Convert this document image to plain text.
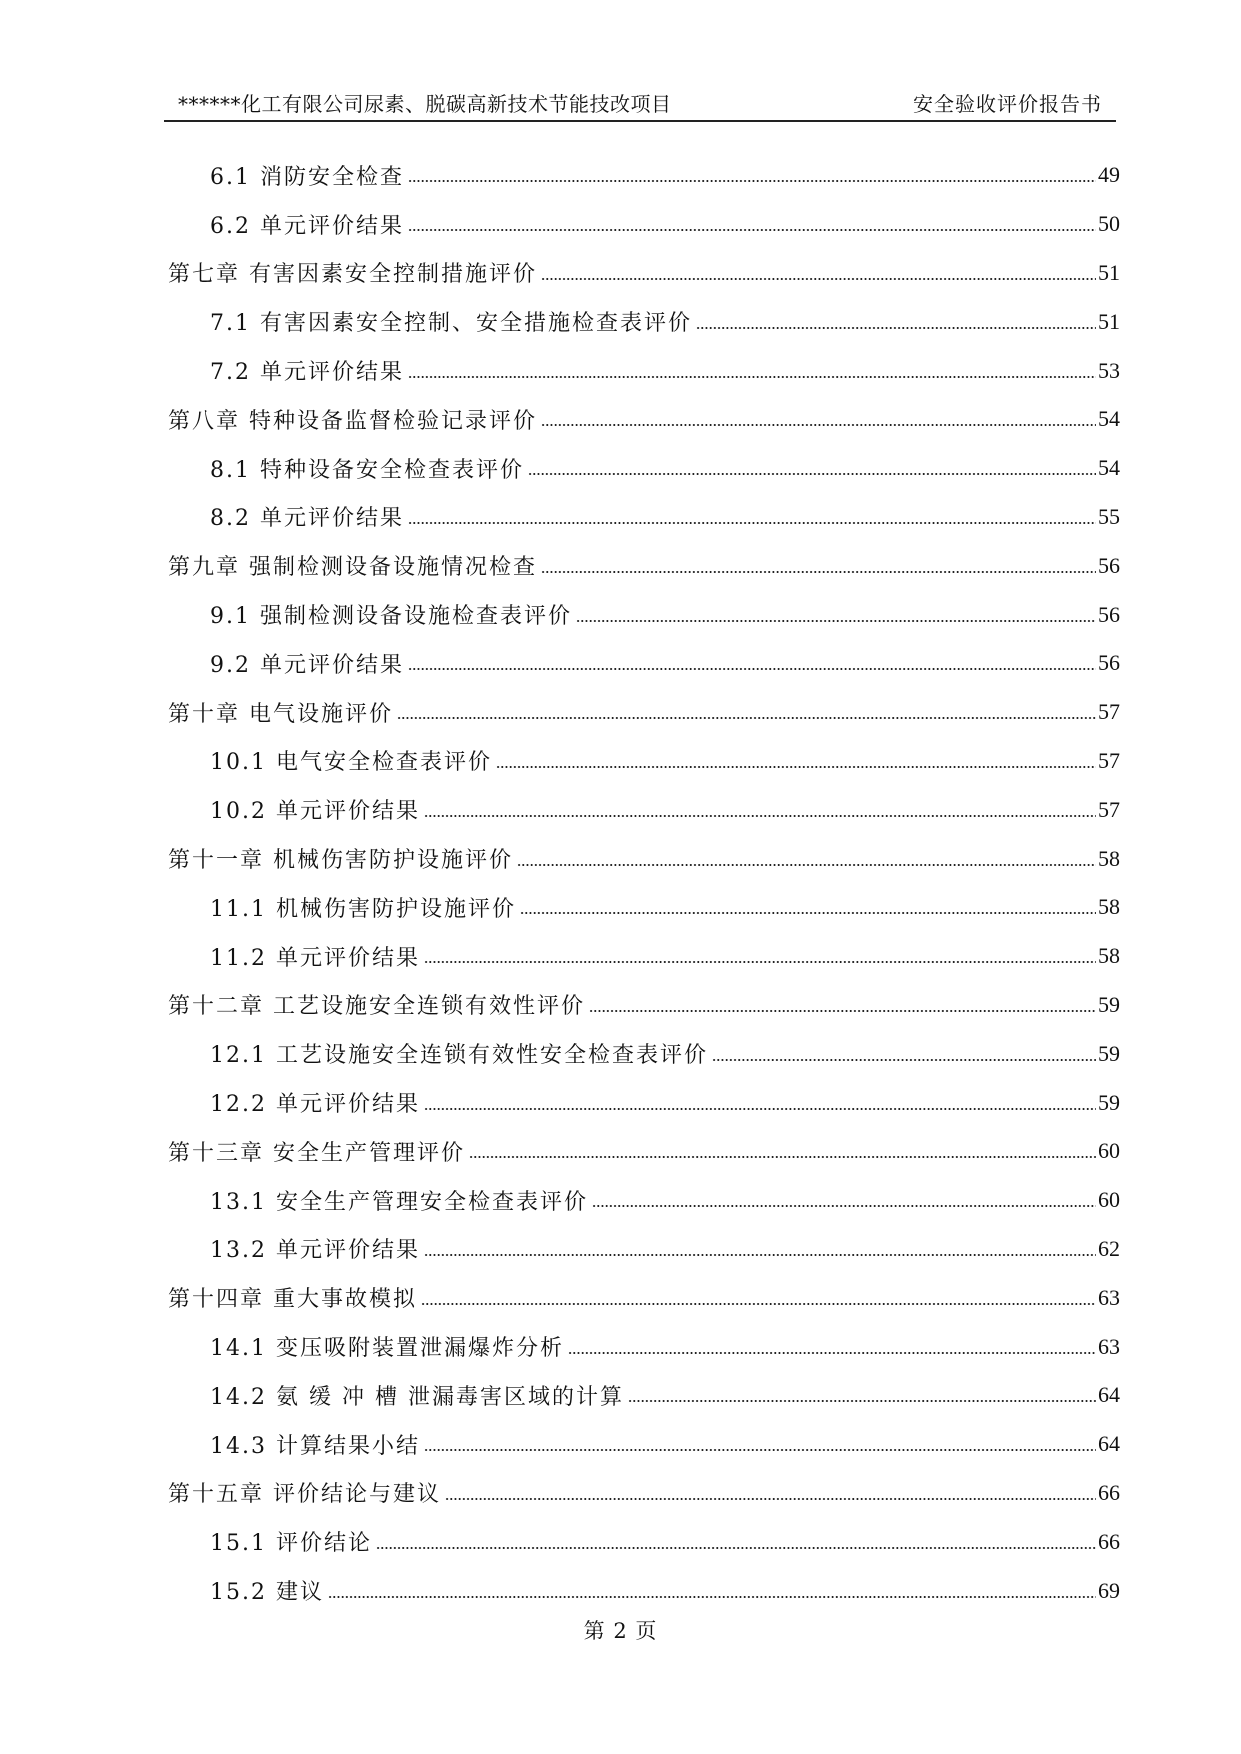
******化工有限公司尿素、脱碳高新技术节能技改项目	安全验收评价报告书
6.1 消防安全检查	49
6.2 单元评价结果	50
第七章 有害因素安全控制措施评价	51
7.1 有害因素安全控制、安全措施检查表评价	51
7.2 单元评价结果	53
第八章 特种设备监督检验记录评价	54
8.1 特种设备安全检查表评价	54
8.2 单元评价结果	55
第九章 强制检测设备设施情况检查	56
9.1 强制检测设备设施检查表评价	56
9.2 单元评价结果	56
第十章 电气设施评价	57
10.1 电气安全检查表评价	57
10.2 单元评价结果	57
第十一章 机械伤害防护设施评价	58
11.1 机械伤害防护设施评价	58
11.2 单元评价结果	58
第十二章 工艺设施安全连锁有效性评价	59
12.1 工艺设施安全连锁有效性安全检查表评价	59
12.2 单元评价结果	59
第十三章 安全生产管理评价	60
13.1 安全生产管理安全检查表评价	60
13.2 单元评价结果	62
第十四章 重大事故模拟	63
14.1 变压吸附装置泄漏爆炸分析	63
14.2 氨 缓 冲 槽 泄漏毒害区域的计算	64
14.3 计算结果小结	64
第十五章 评价结论与建议	66
15.1 评价结论	66
15.2 建议	69
第 2 页
